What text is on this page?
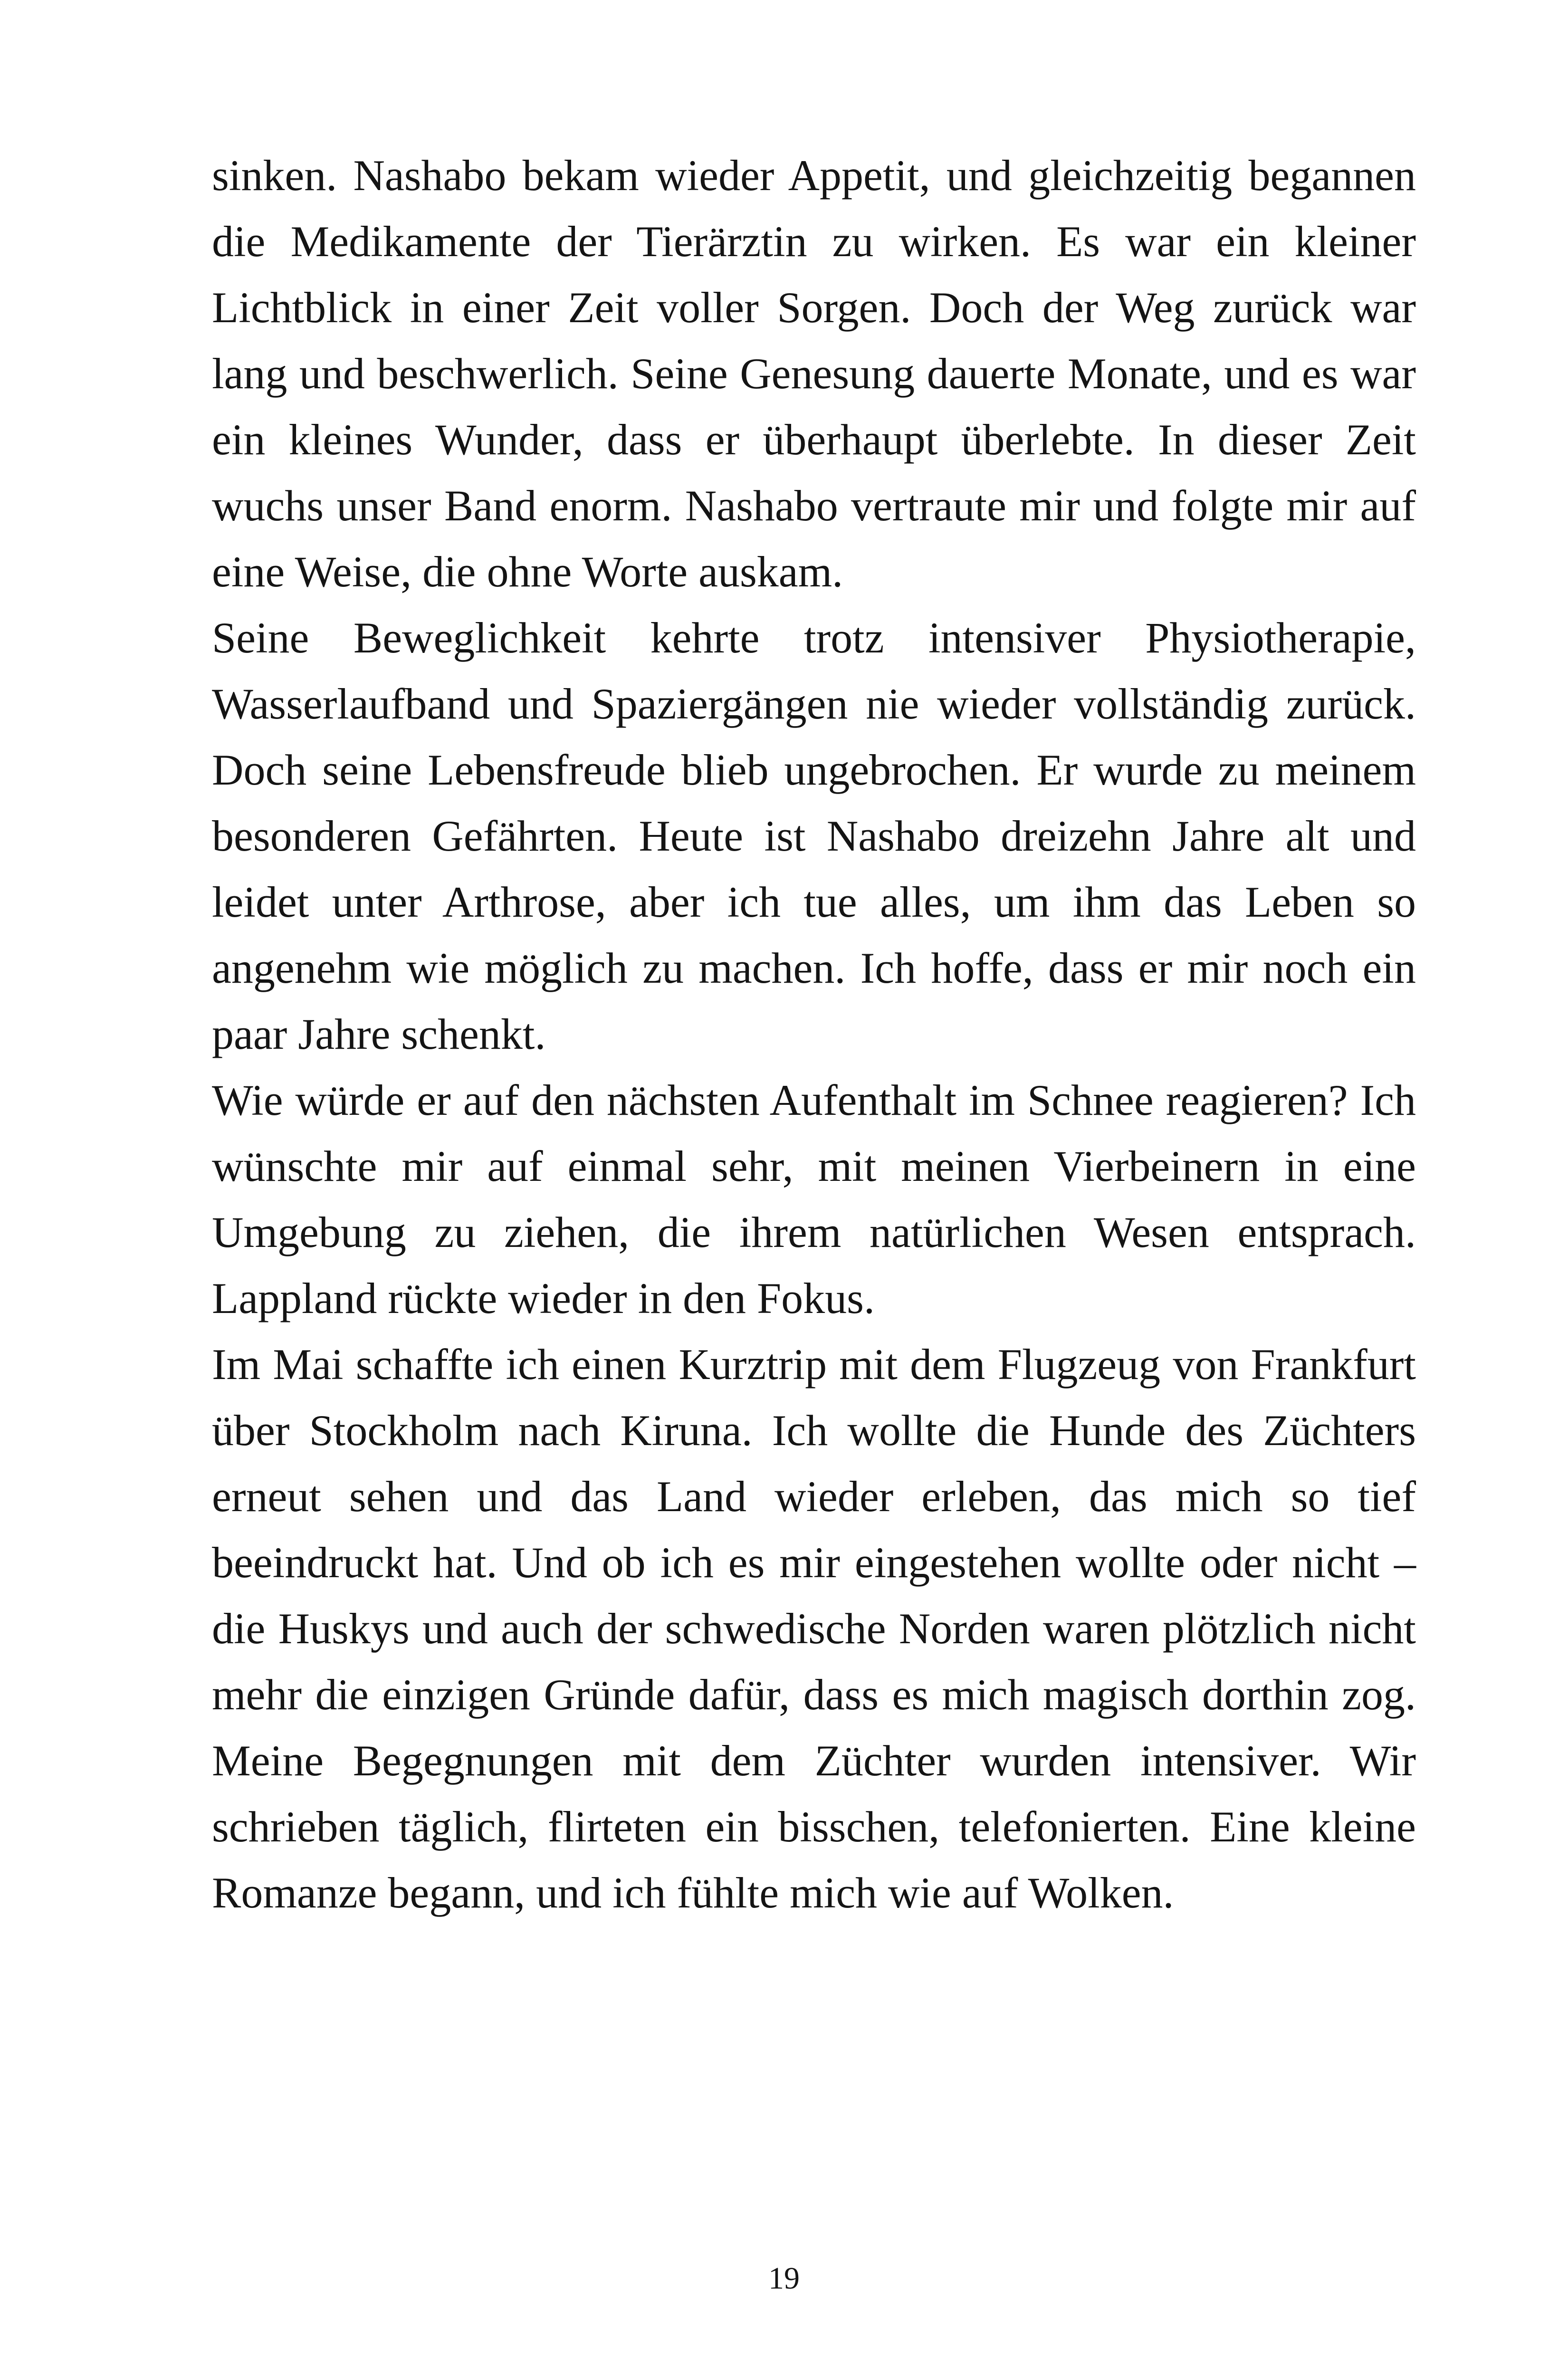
sinken. Nashabo bekam wieder Appetit, und gleichzeitig begannen die Medikamente der Tierärztin zu wirken. Es war ein kleiner Lichtblick in einer Zeit voller Sorgen. Doch der Weg zurück war lang und beschwerlich. Seine Genesung dauerte Monate, und es war ein kleines Wunder, dass er überhaupt überlebte. In dieser Zeit wuchs unser Band enorm. Nashabo vertraute mir und folgte mir auf eine Weise, die ohne Worte auskam.

Seine Beweglichkeit kehrte trotz intensiver Physiotherapie, Wasserlaufband und Spaziergängen nie wieder vollständig zurück. Doch seine Lebensfreude blieb ungebrochen. Er wurde zu meinem besonderen Gefährten. Heute ist Nashabo dreizehn Jahre alt und leidet unter Arthrose, aber ich tue alles, um ihm das Leben so angenehm wie möglich zu machen. Ich hoffe, dass er mir noch ein paar Jahre schenkt.

Wie würde er auf den nächsten Aufenthalt im Schnee reagieren? Ich wünschte mir auf einmal sehr, mit meinen Vierbeinern in eine Umgebung zu ziehen, die ihrem natürlichen Wesen entsprach. Lappland rückte wieder in den Fokus.

Im Mai schaffte ich einen Kurztrip mit dem Flugzeug von Frankfurt über Stockholm nach Kiruna. Ich wollte die Hunde des Züchters erneut sehen und das Land wieder erleben, das mich so tief beeindruckt hat. Und ob ich es mir eingestehen wollte oder nicht – die Huskys und auch der schwedische Norden waren plötzlich nicht mehr die einzigen Gründe dafür, dass es mich magisch dorthin zog. Meine Begegnungen mit dem Züchter wurden intensiver. Wir schrieben täglich, flirteten ein bisschen, telefonierten. Eine kleine Romanze begann, und ich fühlte mich wie auf Wolken.

19
